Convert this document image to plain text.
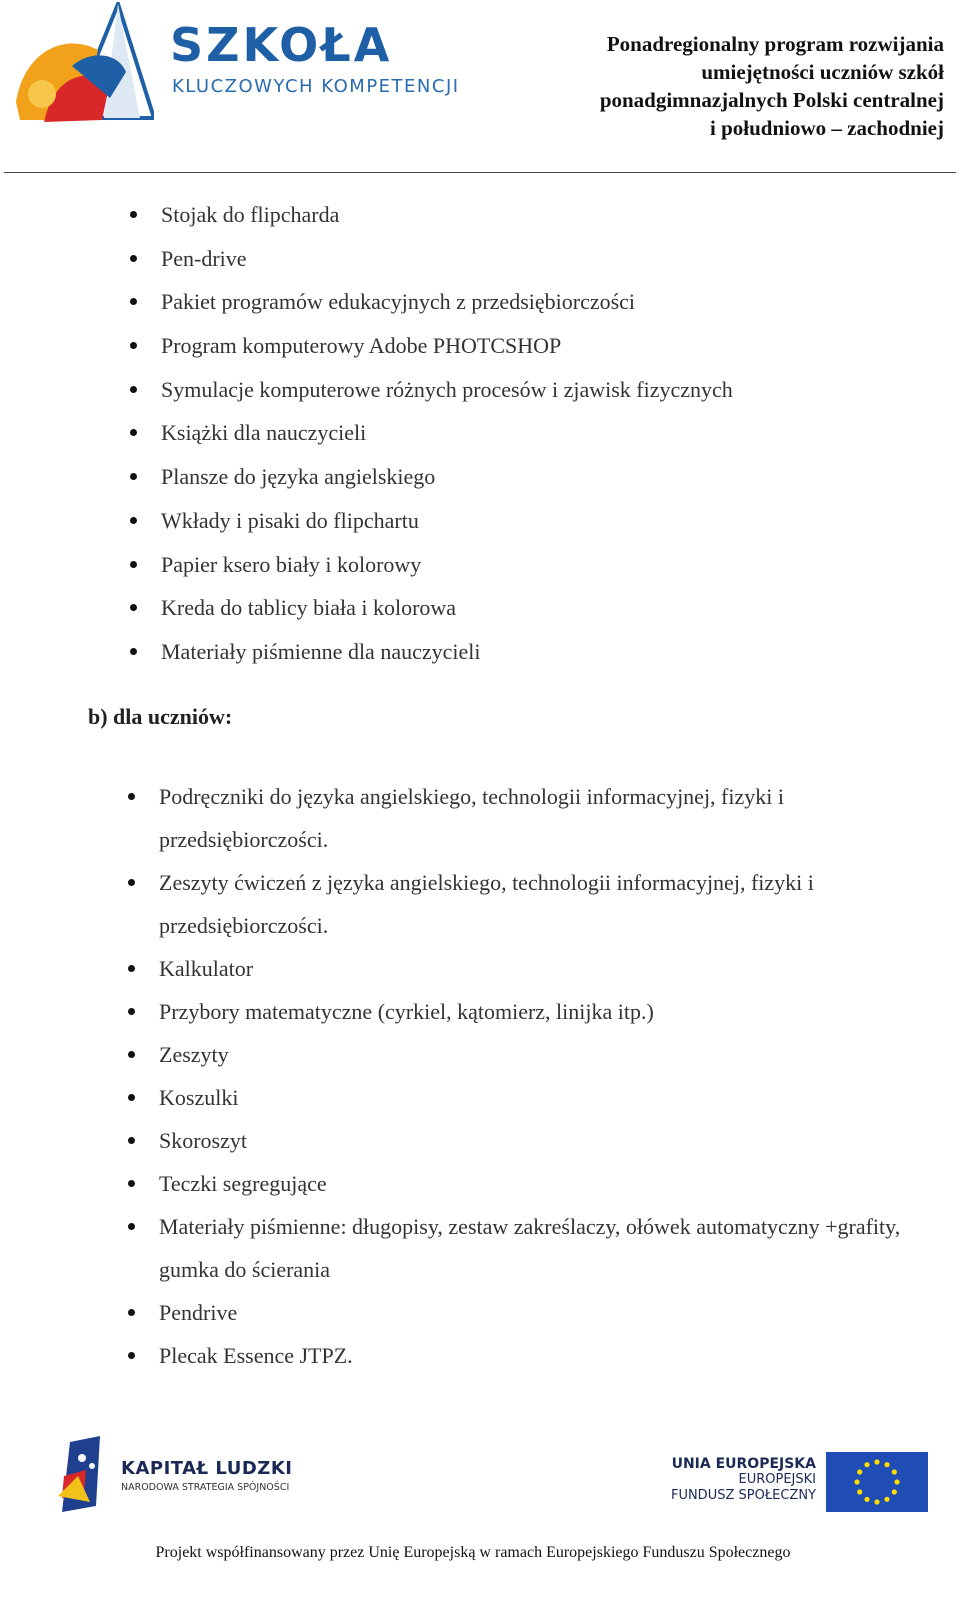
SZKOŁA
KLUCZOWYCH KOMPETENCJI
Ponadregionalny program rozwijania
umiejętności uczniów szkół
ponadgimnazjalnych Polski centralnej
i południowo – zachodniej
Stojak do flipcharda
Pen-drive
Pakiet programów edukacyjnych z przedsiębiorczości
Program komputerowy Adobe PHOTCSHOP
Symulacje komputerowe różnych procesów i zjawisk fizycznych
Książki dla nauczycieli
Plansze do języka angielskiego
Wkłady i pisaki do flipchartu
Papier ksero biały i kolorowy
Kreda do tablicy biała i kolorowa
Materiały piśmienne dla nauczycieli
b) dla uczniów:
Podręczniki do języka angielskiego, technologii informacyjnej, fizyki i przedsiębiorczości.
Zeszyty ćwiczeń z języka angielskiego, technologii informacyjnej, fizyki i przedsiębiorczości.
Kalkulator
Przybory matematyczne (cyrkiel, kątomierz, linijka itp.)
Zeszyty
Koszulki
Skoroszyt
Teczki segregujące
Materiały piśmienne: długopisy, zestaw zakreślaczy, ołówek automatyczny +grafity, gumka do ścierania
Pendrive
Plecak Essence JTPZ.
KAPITAŁ LUDZKI
NARODOWA STRATEGIA SPÓJNOŚCI
UNIA EUROPEJSKA
EUROPEJSKI
FUNDUSZ SPOŁECZNY
Projekt współfinansowany przez Unię Europejską w ramach Europejskiego Funduszu Społecznego
